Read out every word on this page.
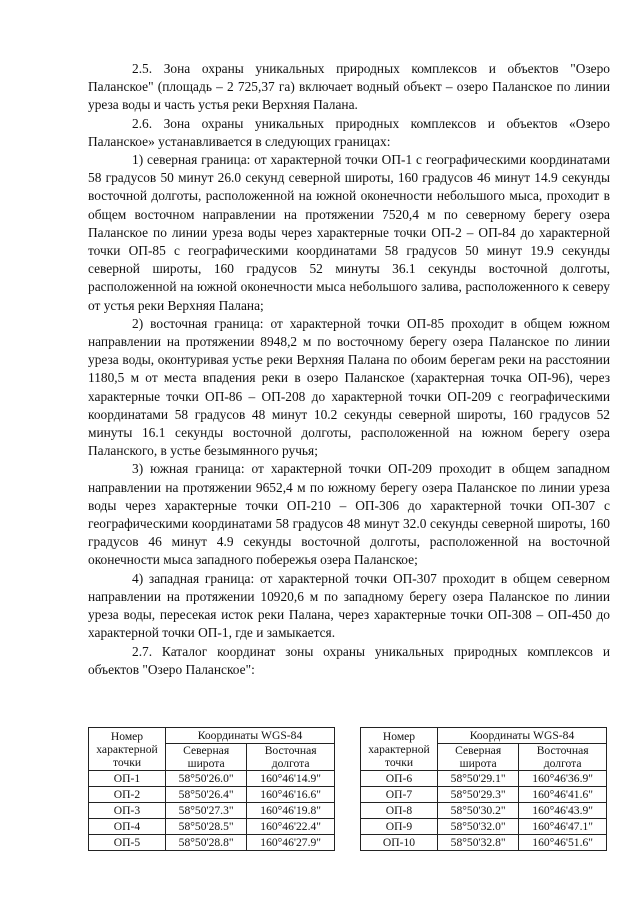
2.5. Зона охраны уникальных природных комплексов и объектов "Озеро Паланское" (площадь – 2 725,37 га) включает водный объект – озеро Паланское по линии уреза воды и часть устья реки Верхняя Палана.

2.6. Зона охраны уникальных природных комплексов и объектов «Озеро Паланское» устанавливается в следующих границах:

1) северная граница: от характерной точки ОП-1 с географическими координатами 58 градусов 50 минут 26.0 секунд северной широты, 160 градусов 46 минут 14.9 секунды восточной долготы, расположенной на южной оконечности небольшого мыса, проходит в общем восточном направлении на протяжении 7520,4 м по северному берегу озера Паланское по линии уреза воды через характерные точки ОП-2 – ОП-84 до характерной точки ОП-85 с географическими координатами 58 градусов 50 минут 19.9 секунды северной широты, 160 градусов 52 минуты 36.1 секунды восточной долготы, расположенной на южной оконечности мыса небольшого залива, расположенного к северу от устья реки Верхняя Палана;

2) восточная граница: от характерной точки ОП-85 проходит в общем южном направлении на протяжении 8948,2 м по восточному берегу озера Паланское по линии уреза воды, оконтуривая устье реки Верхняя Палана по обоим берегам реки на расстоянии 1180,5 м от места впадения реки в озеро Паланское (характерная точка ОП-96), через характерные точки ОП-86 – ОП-208 до характерной точки ОП-209 с географическими координатами 58 градусов 48 минут 10.2 секунды северной широты, 160 градусов 52 минуты 16.1 секунды восточной долготы, расположенной на южном берегу озера Паланского, в устье безымянного ручья;

3) южная граница: от характерной точки ОП-209 проходит в общем западном направлении на протяжении 9652,4 м по южному берегу озера Паланское по линии уреза воды через характерные точки ОП-210 – ОП-306 до характерной точки ОП-307 с географическими координатами 58 градусов 48 минут 32.0 секунды северной широты, 160 градусов 46 минут 4.9 секунды восточной долготы, расположенной на восточной оконечности мыса западного побережья озера Паланское;

4) западная граница: от характерной точки ОП-307 проходит в общем северном направлении на протяжении 10920,6 м по западному берегу озера Паланское по линии уреза воды, пересекая исток реки Палана, через характерные точки ОП-308 – ОП-450 до характерной точки ОП-1, где и замыкается.

2.7. Каталог координат зоны охраны уникальных природных комплексов и объектов "Озеро Паланское":

Номер характерной точки	Координаты WGS-84	
	Северная широта	Восточная долгота

ОП-1	58°50'26.0"	160°46'14.9"
ОП-2	58°50'26.4"	160°46'16.6"
ОП-3	58°50'27.3"	160°46'19.8"
ОП-4	58°50'28.5"	160°46'22.4"
ОП-5	58°50'28.8"	160°46'27.9"
Номер характерной точки	Координаты WGS-84	
	Северная широта	Восточная долгота

ОП-6	58°50'29.1"	160°46'36.9"
ОП-7	58°50'29.3"	160°46'41.6"
ОП-8	58°50'30.2"	160°46'43.9"
ОП-9	58°50'32.0"	160°46'47.1"
ОП-10	58°50'32.8"	160°46'51.6"
